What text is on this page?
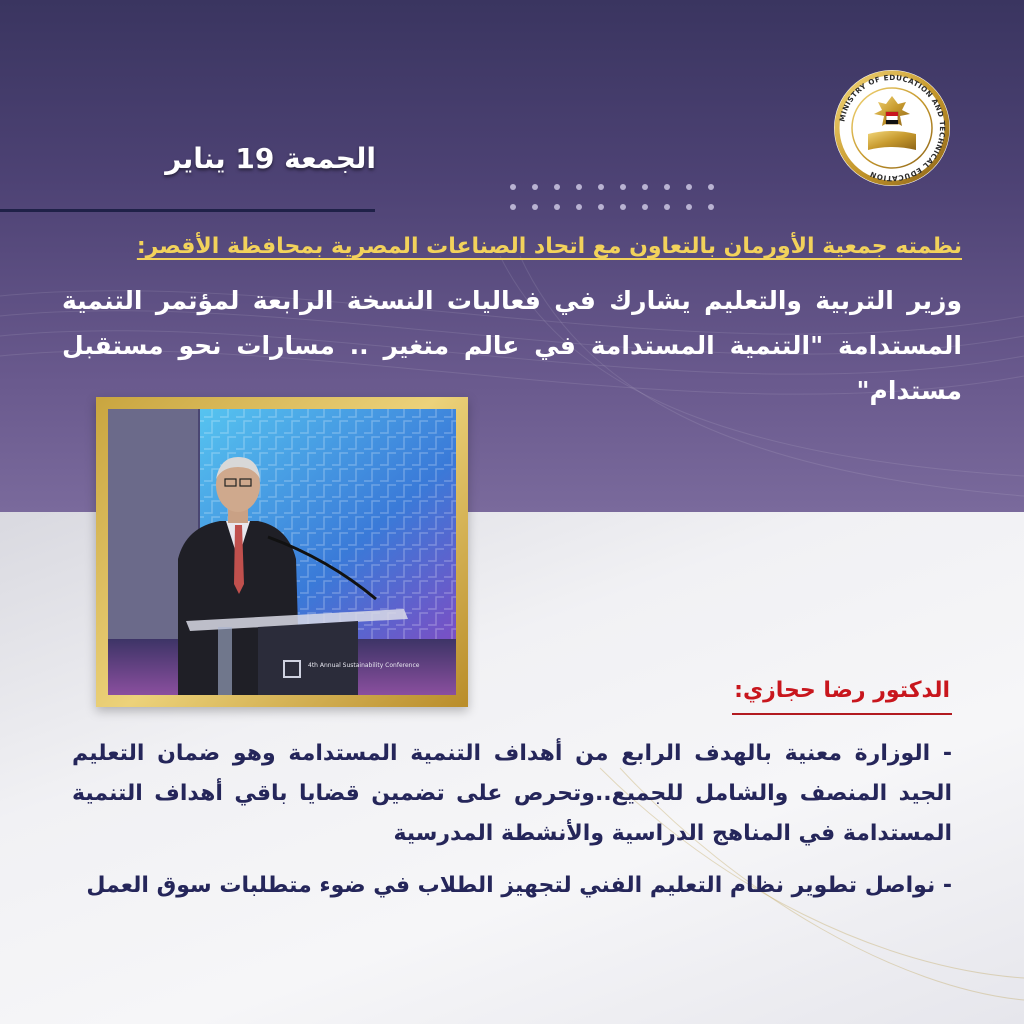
MINISTRY OF EDUCATION AND TECHNICAL EDUCATION
الجمعة 19 يناير
نظمته جمعية الأورمان بالتعاون مع اتحاد الصناعات المصرية بمحافظة الأقصر:
وزير التربية والتعليم يشارك في فعاليات النسخة الرابعة لمؤتمر التنمية المستدامة "التنمية المستدامة في عالم متغير .. مسارات نحو مستقبل مستدام"
4th Annual Sustainability Conference
الدكتور رضا حجازي:
- الوزارة معنية بالهدف الرابع من أهداف التنمية المستدامة وهو ضمان التعليم الجيد المنصف والشامل للجميع..وتحرص على تضمين قضايا باقي أهداف التنمية المستدامة في المناهج الدراسية والأنشطة المدرسية
- نواصل تطوير نظام التعليم الفني لتجهيز الطلاب في ضوء متطلبات سوق العمل
